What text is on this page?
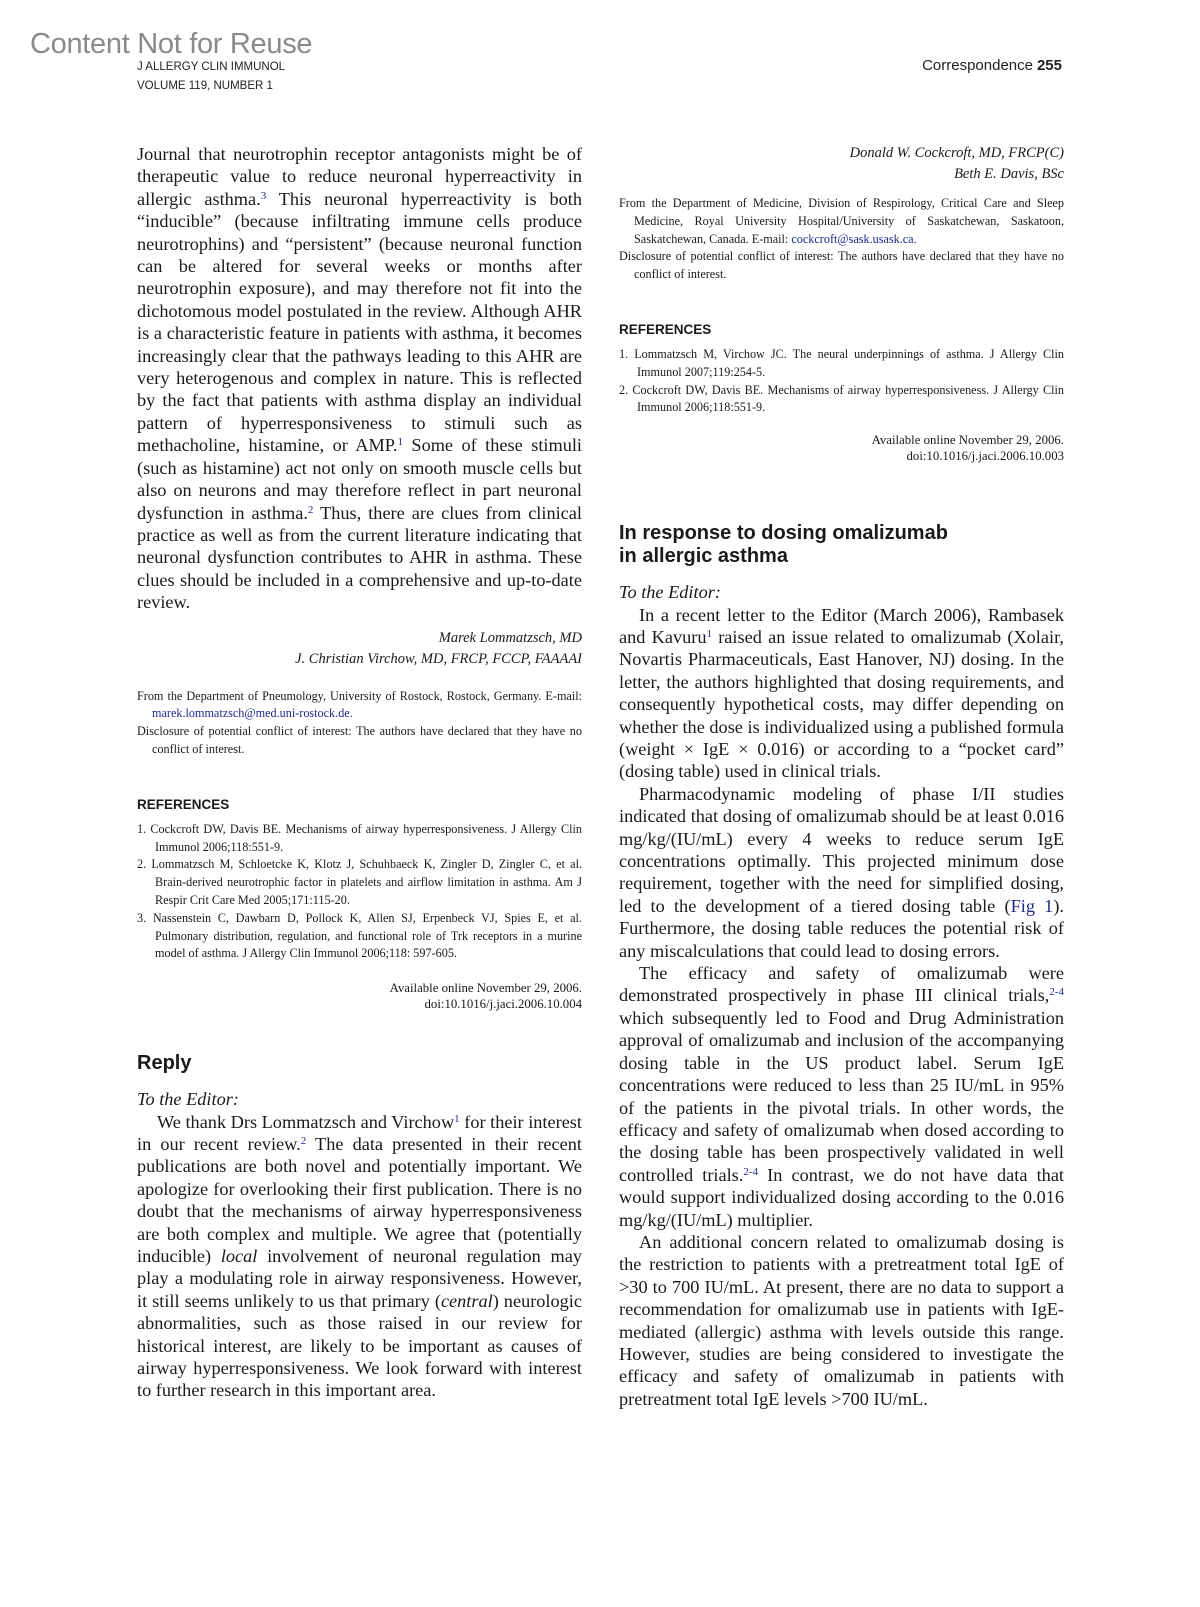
Content Not for Reuse
J ALLERGY CLIN IMMUNOL
VOLUME 119, NUMBER 1
Correspondence 255

Journal that neurotrophin receptor antagonists might be of therapeutic value to reduce neuronal hyperreactivity in allergic asthma.$^3$ This neuronal hyperreactivity is both “inducible” (because infiltrating immune cells produce neurotrophins) and “persistent” (because neuronal function can be altered for several weeks or months after neurotrophin exposure), and may therefore not fit into the dichotomous model postulated in the review. Although AHR is a characteristic feature in patients with asthma, it becomes increasingly clear that the pathways leading to this AHR are very heterogenous and complex in nature. This is reflected by the fact that patients with asthma display an individual pattern of hyperresponsiveness to stimuli such as methacholine, histamine, or AMP.$^1$ Some of these stimuli (such as histamine) act not only on smooth muscle cells but also on neurons and may therefore reflect in part neuronal dysfunction in asthma.$^2$ Thus, there are clues from clinical practice as well as from the current literature indicating that neuronal dysfunction contributes to AHR in asthma. These clues should be included in a comprehensive and up-to-date review.

Marek Lommatzsch, MD

J. Christian Virchow, MD, FRCP, FCCP, FAAAAI

From the Department of Pneumology, University of Rostock, Rostock, Germany. E-mail: marek.lommatzsch@med.uni-rostock.de.

Disclosure of potential conflict of interest: The authors have declared that they have no conflict of interest.

REFERENCES

1. Cockcroft DW, Davis BE. Mechanisms of airway hyperresponsiveness. J Allergy Clin Immunol 2006;118:551-9.
2. Lommatzsch M, Schloetcke K, Klotz J, Schuhbaeck K, Zingler D, Zingler C, et al. Brain-derived neurotrophic factor in platelets and airflow limitation in asthma. Am J Respir Crit Care Med 2005;171:115-20.
3. Nassenstein C, Dawbarn D, Pollock K, Allen SJ, Erpenbeck VJ, Spies E, et al. Pulmonary distribution, regulation, and functional role of Trk receptors in a murine model of asthma. J Allergy Clin Immunol 2006;118: 597-605.

Available online November 29, 2006.

doi:10.1016/j.jaci.2006.10.004

Reply

To the Editor:

We thank Drs Lommatzsch and Virchow$^1$ for their interest in our recent review.$^2$ The data presented in their recent publications are both novel and potentially important. We apologize for overlooking their first publication. There is no doubt that the mechanisms of airway hyperresponsiveness are both complex and multiple. We agree that (potentially inducible) local involvement of neuronal regulation may play a modulating role in airway responsiveness. However, it still seems unlikely to us that primary (central) neurologic abnormalities, such as those raised in our review for historical interest, are likely to be important as causes of airway hyperresponsiveness. We look forward with interest to further research in this important area.

Donald W. Cockcroft, MD, FRCP(C)

Beth E. Davis, BSc

From the Department of Medicine, Division of Respirology, Critical Care and Sleep Medicine, Royal University Hospital/University of Saskatchewan, Saskatoon, Saskatchewan, Canada. E-mail: cockcroft@sask.usask.ca.

Disclosure of potential conflict of interest: The authors have declared that they have no conflict of interest.

REFERENCES

1. Lommatzsch M, Virchow JC. The neural underpinnings of asthma. J Allergy Clin Immunol 2007;119:254-5.
2. Cockcroft DW, Davis BE. Mechanisms of airway hyperresponsiveness. J Allergy Clin Immunol 2006;118:551-9.

Available online November 29, 2006.

doi:10.1016/j.jaci.2006.10.003

In response to dosing omalizumab
in allergic asthma

To the Editor:

In a recent letter to the Editor (March 2006), Rambasek and Kavuru$^1$ raised an issue related to omalizumab (Xolair, Novartis Pharmaceuticals, East Hanover, NJ) dosing. In the letter, the authors highlighted that dosing requirements, and consequently hypothetical costs, may differ depending on whether the dose is individualized using a published formula (weight × IgE × 0.016) or according to a “pocket card” (dosing table) used in clinical trials.

Pharmacodynamic modeling of phase I/II studies indicated that dosing of omalizumab should be at least 0.016 mg/kg/(IU/mL) every 4 weeks to reduce serum IgE concentrations optimally. This projected minimum dose requirement, together with the need for simplified dosing, led to the development of a tiered dosing table (Fig 1). Furthermore, the dosing table reduces the potential risk of any miscalculations that could lead to dosing errors.

The efficacy and safety of omalizumab were demonstrated prospectively in phase III clinical trials,$^{2-4}$ which subsequently led to Food and Drug Administration approval of omalizumab and inclusion of the accompanying dosing table in the US product label. Serum IgE concentrations were reduced to less than 25 IU/mL in 95% of the patients in the pivotal trials. In other words, the efficacy and safety of omalizumab when dosed according to the dosing table has been prospectively validated in well controlled trials.$^{2-4}$ In contrast, we do not have data that would support individualized dosing according to the 0.016 mg/kg/(IU/mL) multiplier.

An additional concern related to omalizumab dosing is the restriction to patients with a pretreatment total IgE of >30 to 700 IU/mL. At present, there are no data to support a recommendation for omalizumab use in patients with IgE-mediated (allergic) asthma with levels outside this range. However, studies are being considered to investigate the efficacy and safety of omalizumab in patients with pretreatment total IgE levels >700 IU/mL.
